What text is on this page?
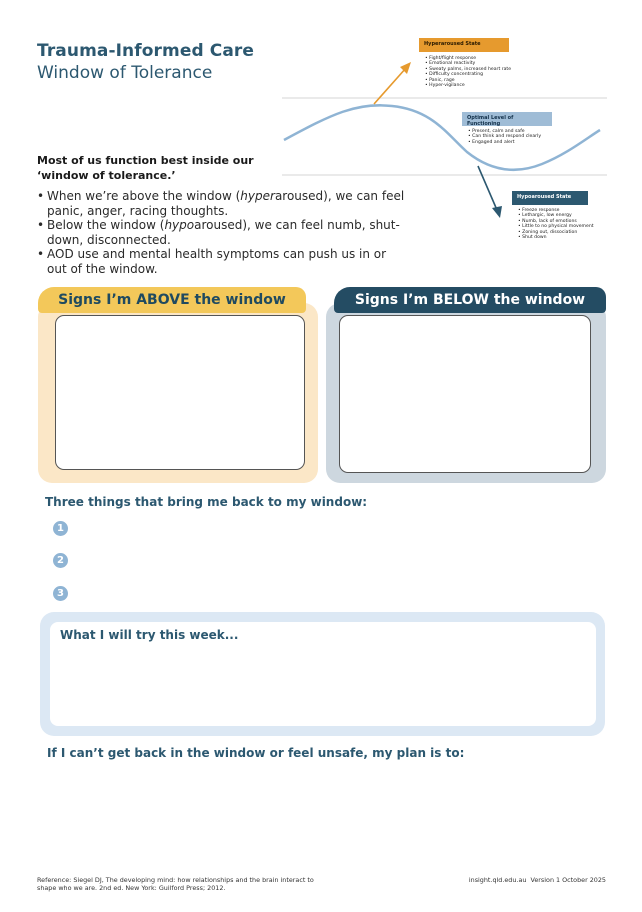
Trauma-Informed Care
Window of Tolerance
Hyperaroused State
• Fight/flight response
• Emotional reactivity
• Sweaty palms, increased heart rate
• Difficulty concentrating
• Panic, rage
• Hyper-vigilance
Optimal Level of Functioning
• Present, calm and safe
• Can think and respond clearly
• Engaged and alert
Hypoaroused State
• Freeze response
• Lethargic, low energy
• Numb, lack of emotions
• Little to no physical movement
• Zoning out, dissociation
• Shut down
Most of us function best inside our
‘window of tolerance.’
• When we’re above the window (hyperaroused), we can feel panic, anger, racing thoughts.
• Below the window (hypoaroused), we can feel numb, shut-down, disconnected.
• AOD use and mental health symptoms can push us in or out of the window.
Signs I’m ABOVE the window	Signs I’m BELOW the window
Three things that bring me back to my window:
1
2
3
What I will try this week...
If I can’t get back in the window or feel unsafe, my plan is to:
Reference: Siegel DJ, The developing mind: how relationships and the brain interact to
shape who we are. 2nd ed. New York: Guilford Press; 2012.
insight.qld.edu.au Version 1 October 2025
